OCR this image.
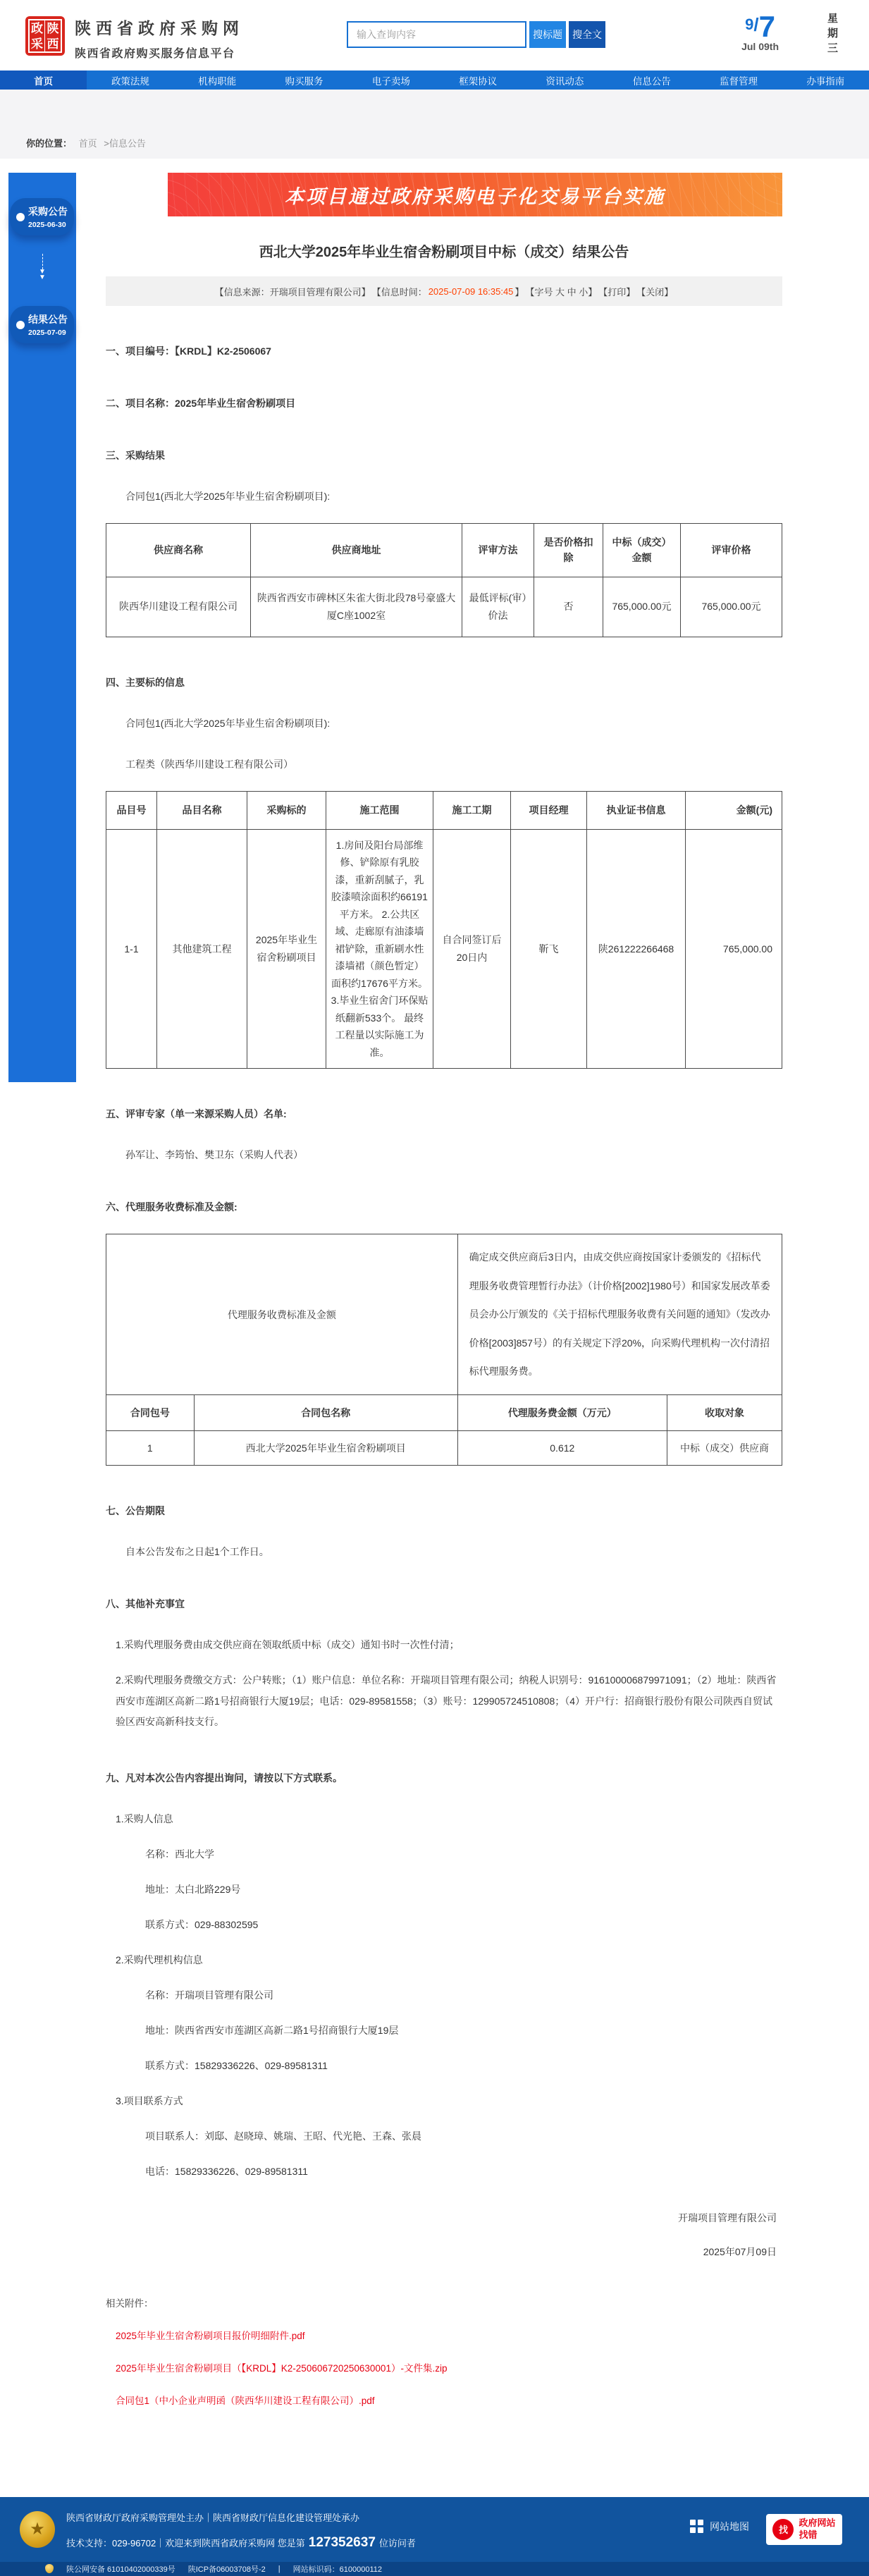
政 陕
采 西
陕西省政府采购网
陕西省政府购买服务信息平台
输入查询内容
搜标题	搜全文
9/7
Jul 09th	星期三
首页	政策法规	机构职能	购买服务	电子卖场	框架协议	资讯动态	信息公告	监督管理	办事指南
你的位置： 首页 >信息公告
采购公告
2025-06-30
▼
▼
结果公告
2025-07-09
本项目通过政府采购电子化交易平台实施
西北大学2025年毕业生宿舍粉刷项目中标（成交）结果公告
【信息来源：开瑞项目管理有限公司】 【信息时间： 2025-07-09 16:35:45 】 【字号 大 中 小】 【打印】 【关闭】
一、项目编号：【KRDL】K2-2506067
二、项目名称：2025年毕业生宿舍粉刷项目
三、采购结果
合同包1(西北大学2025年毕业生宿舍粉刷项目):
供应商名称	供应商地址	评审方法	是否价格扣除	中标（成交）金额	评审价格
陕西华川建设工程有限公司	陕西省西安市碑林区朱雀大街北段78号豪盛大厦C座1002室	最低评标(审）价法	否	765,000.00元	765,000.00元
四、主要标的信息
合同包1(西北大学2025年毕业生宿舍粉刷项目):
工程类（陕西华川建设工程有限公司）
品目号	品目名称	采购标的	施工范围	施工工期	项目经理	执业证书信息	金额(元)
1-1	其他建筑工程	2025年毕业生宿舍粉刷项目	1.房间及阳台局部维修、铲除原有乳胶漆，重新刮腻子，乳胶漆喷涂面积约66191平方米。 2.公共区域、走廊原有油漆墙裙铲除，重新刷水性漆墙裙（颜色暂定）面积约17676平方米。 3.毕业生宿舍门环保贴纸翻新533个。 最终工程量以实际施工为准。	自合同签订后20日内	靳飞	陕261222266468	765,000.00
五、评审专家（单一来源采购人员）名单:
孙军让、李筠怡、樊卫东（采购人代表）
六、代理服务收费标准及金额:
代理服务收费标准及金额		确定成交供应商后3日内，由成交供应商按国家计委颁发的《招标代理服务收费管理暂行办法》（计价格[2002]1980号）和国家发展改革委员会办公厅颁发的《关于招标代理服务收费有关问题的通知》（发改办价格[2003]857号）的有关规定下浮20%，向采购代理机构一次付清招标代理服务费。	
合同包号	合同包名称	代理服务费金额（万元）	收取对象
1	西北大学2025年毕业生宿舍粉刷项目	0.612	中标（成交）供应商
七、公告期限
自本公告发布之日起1个工作日。
八、其他补充事宜
1.采购代理服务费由成交供应商在领取纸质中标（成交）通知书时一次性付清；
2.采购代理服务费缴交方式：公户转账；（1）账户信息：单位名称：开瑞项目管理有限公司；纳税人识别号：916100006879971091；（2）地址：陕西省西安市莲湖区高新二路1号招商银行大厦19层；电话：029-89581558；（3）账号：129905724510808；（4）开户行：招商银行股份有限公司陕西自贸试验区西安高新科技支行。
九、凡对本次公告内容提出询问，请按以下方式联系。
1.采购人信息
名称：西北大学
地址：太白北路229号
联系方式：029-88302595
2.采购代理机构信息
名称：开瑞项目管理有限公司
地址：陕西省西安市莲湖区高新二路1号招商银行大厦19层
联系方式：15829336226、029-89581311
3.项目联系方式
项目联系人：刘邸、赵晓璋、姚瑞、王昭、代光艳、王森、张晨
电话：15829336226、029-89581311
开瑞项目管理有限公司
2025年07月09日
相关附件：
2025年毕业生宿舍粉刷项目报价明细附件.pdf
2025年毕业生宿舍粉刷项目（【KRDL】K2-250606720250630001）-文件集.zip
合同包1（中小企业声明函（陕西华川建设工程有限公司）.pdf
★
陕西省财政厅政府采购管理处主办｜陕西省财政厅信息化建设管理处承办
技术支持：029-96702｜欢迎来到陕西省政府采购网 您是第 127352637 位访问者
网站地图	找
政府网站
找错
陕公网安备 61010402000339号 陕ICP备06003708号-2 | 网站标识码：6100000112
